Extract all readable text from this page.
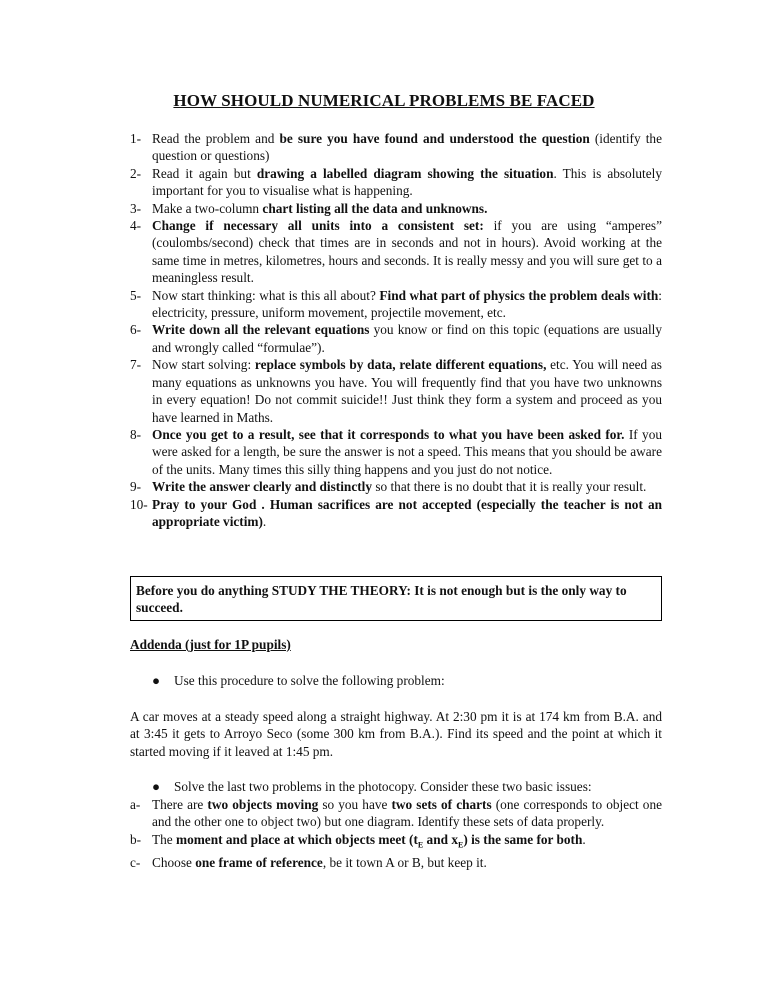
HOW SHOULD NUMERICAL PROBLEMS BE FACED
1- Read the problem and be sure you have found and understood the question (identify the question or questions)
2- Read it again but drawing a labelled diagram showing the situation. This is absolutely important for you to visualise what is happening.
3- Make a two-column chart listing all the data and unknowns.
4- Change if necessary all units into a consistent set: if you are using “amperes” (coulombs/second) check that times are in seconds and not in hours). Avoid working at the same time in metres, kilometres, hours and seconds. It is really messy and you will sure get to a meaningless result.
5- Now start thinking: what is this all about? Find what part of physics the problem deals with: electricity, pressure, uniform movement, projectile movement, etc.
6- Write down all the relevant equations you know or find on this topic (equations are usually and wrongly called “formulae”).
7- Now start solving: replace symbols by data, relate different equations, etc. You will need as many equations as unknowns you have. You will frequently find that you have two unknowns in every equation! Do not commit suicide!! Just think they form a system and proceed as you have learned in Maths.
8- Once you get to a result, see that it corresponds to what you have been asked for. If you were asked for a length, be sure the answer is not a speed. This means that you should be aware of the units. Many times this silly thing happens and you just do not notice.
9- Write the answer clearly and distinctly so that there is no doubt that it is really your result.
10- Pray to your God . Human sacrifices are not accepted (especially the teacher is not an appropriate victim).
Before you do anything STUDY THE THEORY: It is not enough but is the only way to succeed.

Addenda (just for 1P pupils)

●	Use this procedure to solve the following problem:

A car moves at a steady speed along a straight highway. At 2:30 pm it is at 174 km from B.A. and at 3:45 it gets to Arroyo Seco (some 300 km from B.A.). Find its speed and the point at which it started moving if it leaved at 1:45 pm.

●	Solve the last two problems in the photocopy. Consider these two basic issues:
a- There are two objects moving so you have two sets of charts (one corresponds to object one and the other one to object two) but one diagram. Identify these sets of data properly.
b- The moment and place at which objects meet ($t_E$ and $x_E$) is the same for both.
c- Choose one frame of reference, be it town A or B, but keep it.
